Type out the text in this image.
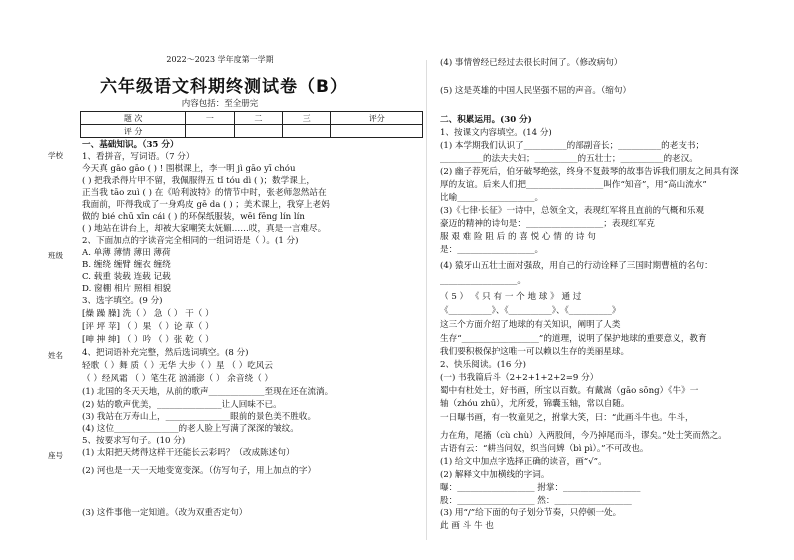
2022～2023 学年度第一学期
六年级语文科期终测试卷（B）
内容包括：至全册完
题 次	一	二	三	评分
评 分				
学校
班级
姓名
座号
一、基础知识。（35 分）
1、看拼音，写词语。（7 分）
今天真 gāo gāo ( ) ! 围棋课上，李一明 jì gāo yī chóu
( ) 把我杀得片甲不留，我佩服得五 tǐ tóu dì ( )；数学课上，
正当我 tāo zuì ( ) 在《哈利波特》的情节中时，张老师忽然站在
我面前，吓得我成了一身鸡皮 gē da ( ) ；美术课上，我穿上老妈
做的 bié chū xīn cái ( ) 的环保纸服装，wēi fēng lín lín
( ) 地站在讲台上，却被大家嘲笑太妩媚……哎，真是一言难尽。
2、下面加点的字读音完全相同的一组词语是（ ）。(1 分)
A. 单薄 薄情 薄田 薄荷
B. 缠绕 缠臂 缠衣 缠绕
C. 载重 装载 连载 记载
D. 窗棚 相片 照相 相貌
3、选字填空。(9 分)
[燥 躁 臊] 洗（ ） 急（ ） 干（ ）
[评 坪 苹] （ ）果 （ ）论 草（ ）
[呻 抻 绅] （ ）吟 （ ）张 乾（ ）
4、把词语补充完整，然后选词填空。(8 分)
轻歌（ ）舞 质（ ）无华 大步（ ）星 （ ）吃风云
（ ）经风霜 （ ）笔生花 汹涌澎（ ） 余音绕（ ）
(1) 北国的冬天天地，从前的歌声_____________至现在还在流淌。
(2) 姑的歌声优美，_______________让人回味不已。
(3) 我站在万寿山上，_______________眼前的景色美不胜收。
(4) 这位_______________的老人脸上写满了深深的皱纹。
5、按要求写句子。(10 分)
(1) 太阳把天烤得这样干还能长云彩吗？（改成陈述句）
(2) 河也是一天一天地变宽变深。（仿写句子，用上加点的字）
(3) 这件事他一定知道。（改为双重否定句）
(4) 事情曾经已经过去很长时间了。（修改病句）
(5) 这是英雄的中国人民坚强不屈的声音。（缩句）
二、积累运用。(30 分)
1、按课文内容填空。(14 分)
(1) 本学期我们认识了__________的部副音长；__________的老支书；
__________的法夫夫妇；__________的五壮士；__________的老汉。
(2) 幽子荐死后，伯牙破琴绝弦，终身不复鼓琴的故事告诉我们朋友之间具有深
厚的友谊。后来人们把__________________叫作“知音”，用“高山流水”
比喻__________________。
(3)《七律·长征》一诗中，总领全文，表现红军将且直前的气概和乐观
豪迈的精神的诗句是：__________________；表现红军克
服 艰 难 险 阻 后 的 喜 悦 心 情 的 诗 句
是：__________________。
(4) 猿牙山五壮士面对强敌，用自己的行动诠释了三国时期曹植的名句：
__________________。
（ 5 ） 《 只 有 一 个 地 球 》 通 过
《__________》、《__________》、《__________》
这三个方面介绍了地球的有关知识，阐明了人类
生存“__________________”的道理，说明了保护地球的重要意义，教育
我们要积极保护这唯一可以赖以生存的美丽星球。
2、快乐阅读。(16 分)
(一) 书我篇后斗（2+2+1+2+2=9 分）
蜀中有杜处士，好书画，所宝以百数。有戴嵩（gāo sōng）《牛》一
轴（zhóu zhū），尤所爱，锦囊玉轴，常以自随。
一日曝书画，有一牧童见之，拊掌大笑，曰：“此画斗牛也。牛斗，
力在角，尾搐（cù chù）入两股间，今乃掉尾而斗，谬矣。”处士笑而然之。
古语有云：“耕当问奴，织当问婢（bì pì）。”不可改也。
(1) 给文中加点字选择正确的读音，画“√”。
(2) 解释文中加横线的字词。
曝：__________________ 拊掌：__________________
股：__________________ 然：__________________
(3) 用“/”给下面的句子划分节奏，只停顿一处。
此 画 斗 牛 也
